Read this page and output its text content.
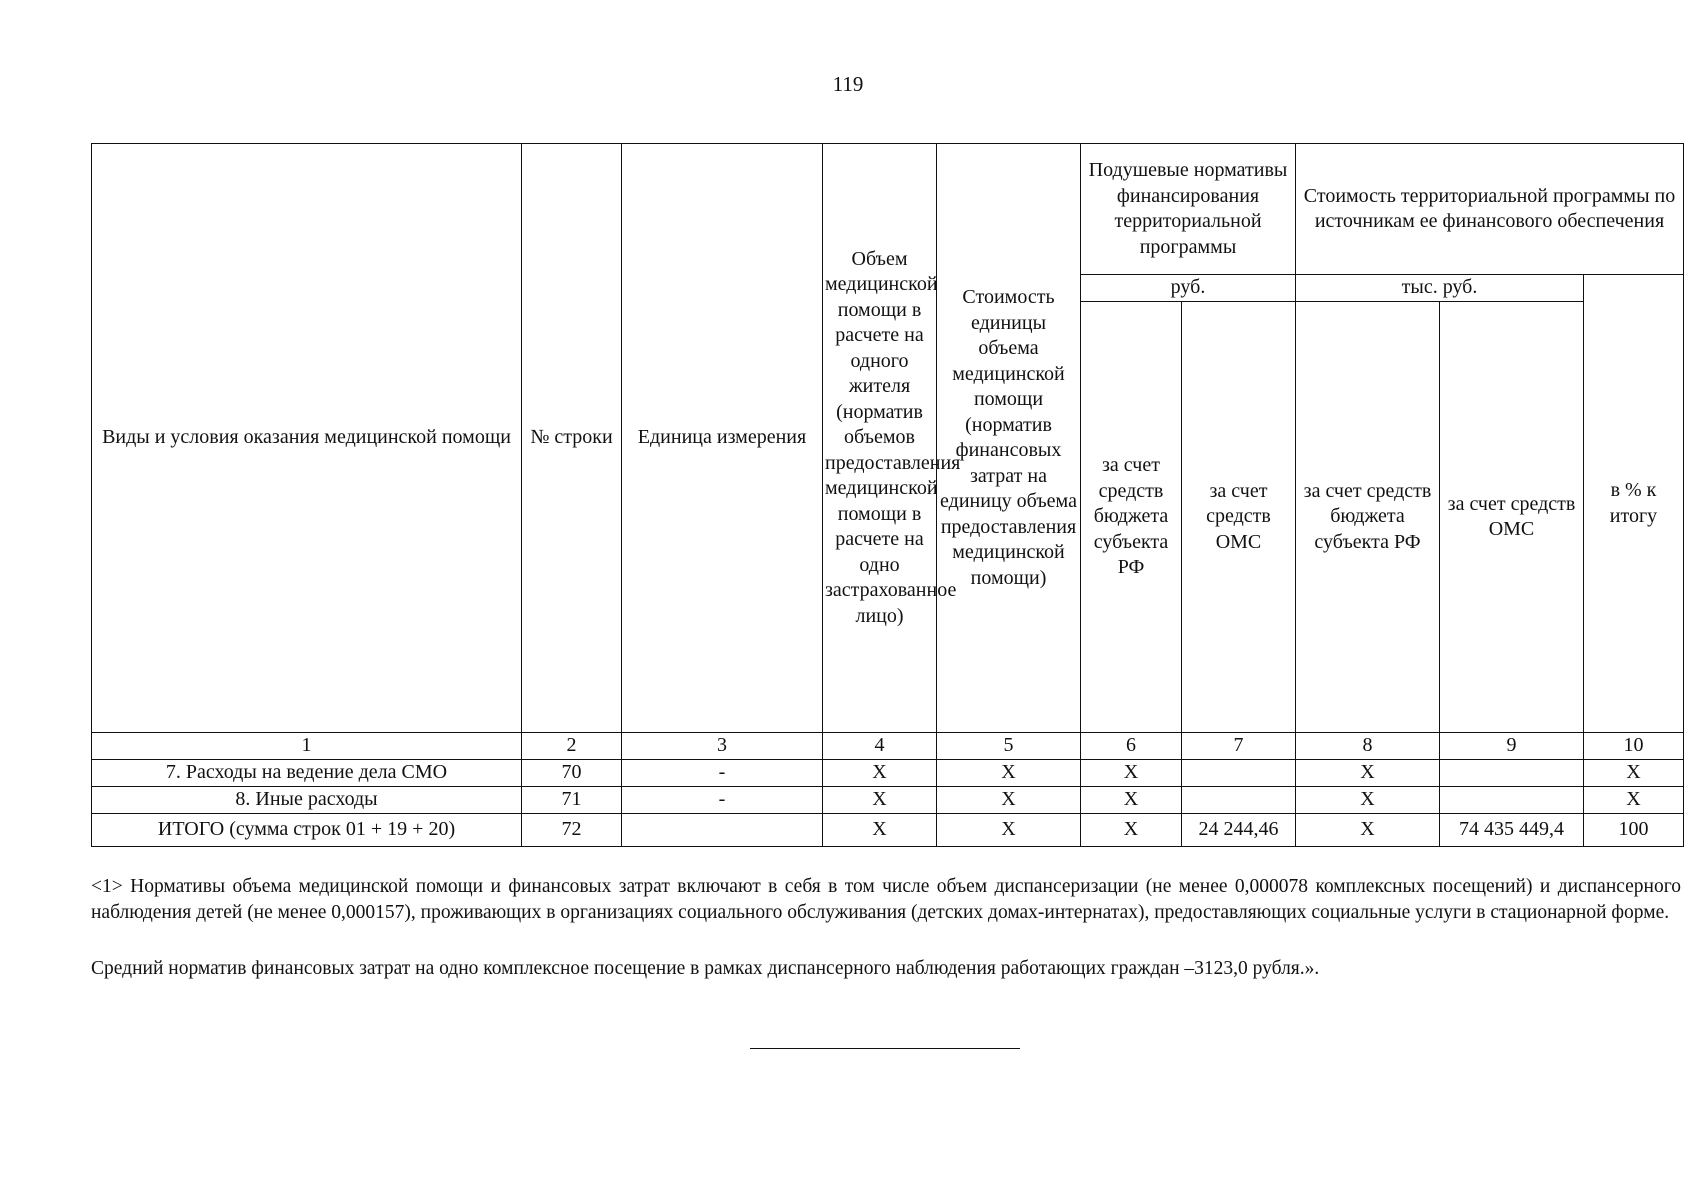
119
Виды и условия оказания медицинской помощи	№ строки	Единица измерения	Объем медицинской помощи в расчете на одного жителя (норматив объемов предоставления медицинской помощи в расчете на одно застрахованное лицо)	Стоимость единицы объема медицинской помощи (норматив финансовых затрат на единицу объема предоставления медицинской помощи)	Подушевые нормативы финансирования территориальной программы		Стоимость территориальной программы по источникам ее финансового обеспечения		
					руб.		тыс. руб.		в % к итогу
					за счет средств бюджета субъекта РФ	за счет средств ОМС	за счет средств бюджета субъекта РФ	за счет средств ОМС	
1	2	3	4	5	6	7	8	9	10
7. Расходы на ведение дела СМО	70	-	X	X	X		X		X
8. Иные расходы	71	-	X	X	X		X		X
ИТОГО (сумма строк 01 + 19 + 20)	72		X	X	X	24 244,46	X	74 435 449,4	100
<1> Нормативы объема медицинской помощи и финансовых затрат включают в себя в том числе объем диспансеризации (не менее 0,000078 комплексных посещений) и диспансерного наблюдения детей (не менее 0,000157), проживающих в организациях социального обслуживания (детских домах-интернатах), предоставляющих социальные услуги в стационарной форме.
Средний норматив финансовых затрат на одно комплексное посещение в рамках диспансерного наблюдения работающих граждан –3123,0 рубля.».
